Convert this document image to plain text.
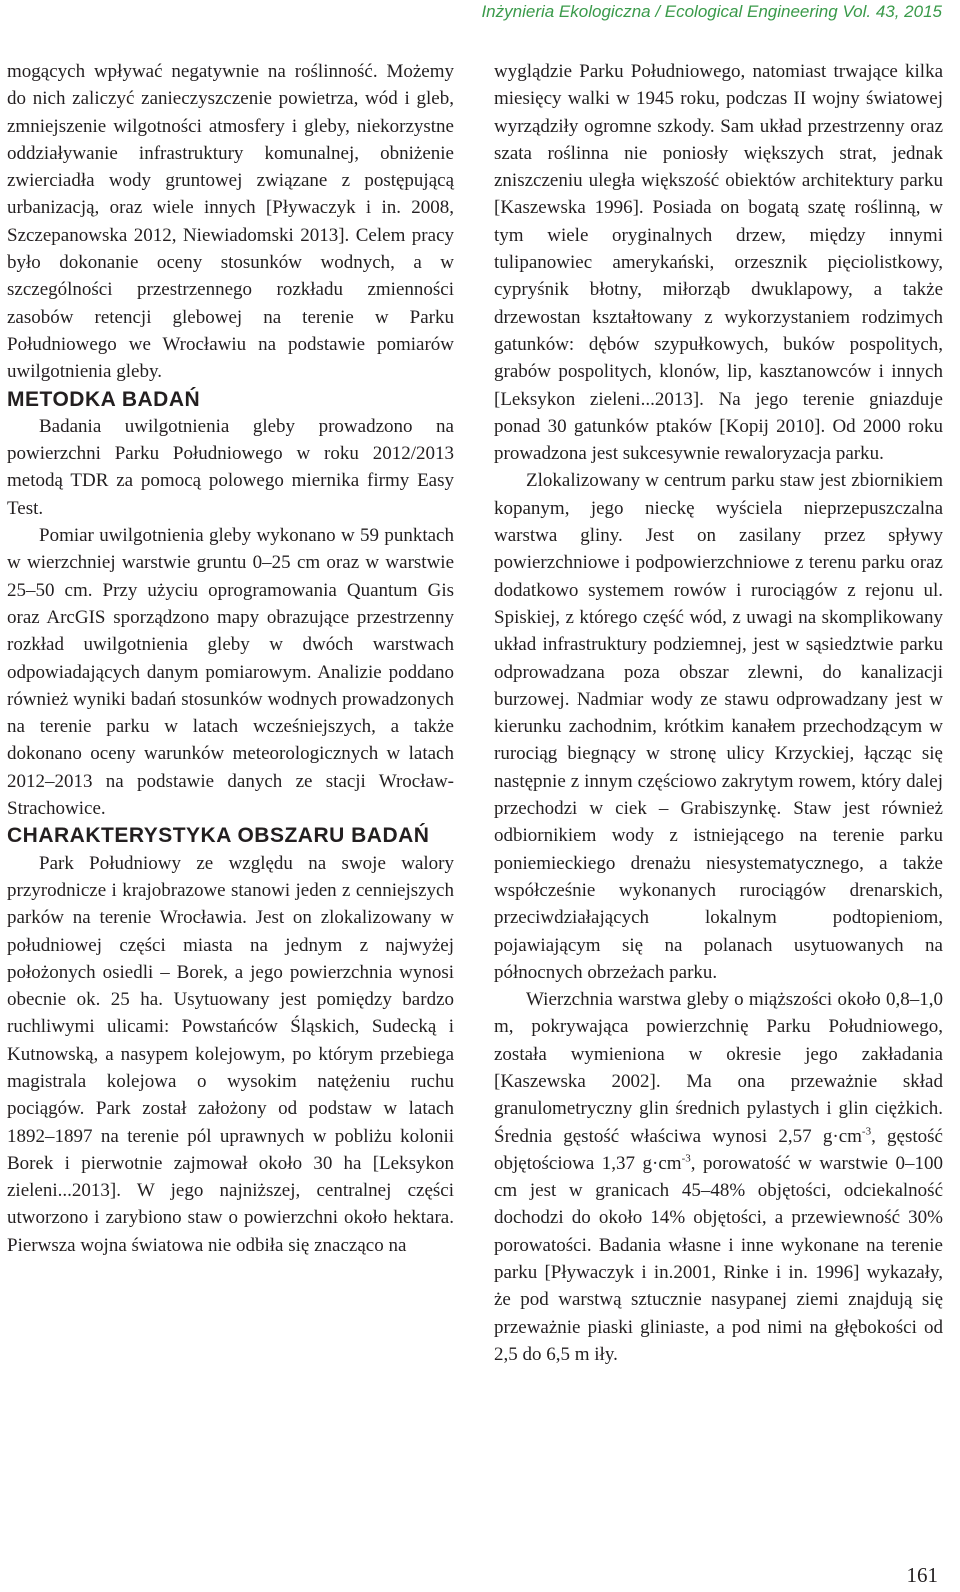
Inżynieria Ekologiczna / Ecological Engineering Vol. 43, 2015

mogących wpływać negatywnie na roślinność. Możemy do nich zaliczyć zanieczyszczenie powietrza, wód i gleb, zmniejszenie wilgotności atmosfery i gleby, niekorzystne oddziaływanie infrastruktury komunalnej, obniżenie zwierciadła wody gruntowej związane z postępującą urbanizacją, oraz wiele innych [Pływaczyk i in. 2008, Szczepanowska 2012, Niewiadomski 2013]. Celem pracy było dokonanie oceny stosunków wodnych, a w szczególności przestrzennego rozkładu zmienności zasobów retencji glebowej na terenie w Parku Południowego we Wrocławiu na podstawie pomiarów uwilgotnienia gleby.

METODKA BADAŃ

Badania uwilgotnienia gleby prowadzono na powierzchni Parku Południowego w roku 2012/2013 metodą TDR za pomocą polowego miernika firmy Easy Test.

Pomiar uwilgotnienia gleby wykonano w 59 punktach w wierzchniej warstwie gruntu 0–25 cm oraz w warstwie 25–50 cm. Przy użyciu oprogramowania Quantum Gis oraz ArcGIS sporządzono mapy obrazujące przestrzenny rozkład uwilgotnienia gleby w dwóch warstwach odpowiadających danym pomiarowym. Analizie poddano również wyniki badań stosunków wodnych prowadzonych na terenie parku w latach wcześniejszych, a także dokonano oceny warunków meteorologicznych w latach 2012–2013 na podstawie danych ze stacji Wrocław-Strachowice.

CHARAKTERYSTYKA OBSZARU BADAŃ

Park Południowy ze względu na swoje walory przyrodnicze i krajobrazowe stanowi jeden z cenniejszych parków na terenie Wrocławia. Jest on zlokalizowany w południowej części miasta na jednym z najwyżej położonych osiedli – Borek, a jego powierzchnia wynosi obecnie ok. 25 ha. Usytuowany jest pomiędzy bardzo ruchliwymi ulicami: Powstańców Śląskich, Sudecką i Kutnowską, a nasypem kolejowym, po którym przebiega magistrala kolejowa o wysokim natężeniu ruchu pociągów. Park został założony od podstaw w latach 1892–1897 na terenie pól uprawnych w pobliżu kolonii Borek i pierwotnie zajmował około 30 ha [Leksykon zieleni...2013]. W jego najniższej, centralnej części utworzono i zarybiono staw o powierzchni około hektara. Pierwsza wojna światowa nie odbiła się znacząco na

wyglądzie Parku Południowego, natomiast trwające kilka miesięcy walki w 1945 roku, podczas II wojny światowej wyrządziły ogromne szkody. Sam układ przestrzenny oraz szata roślinna nie poniosły większych strat, jednak zniszczeniu uległa większość obiektów architektury parku [Kaszewska 1996]. Posiada on bogatą szatę roślinną, w tym wiele oryginalnych drzew, między innymi tulipanowiec amerykański, orzesznik pięciolistkowy, cypryśnik błotny, miłorząb dwuklapowy, a także drzewostan kształtowany z wykorzystaniem rodzimych gatunków: dębów szypułkowych, buków pospolitych, grabów pospolitych, klonów, lip, kasztanowców i innych [Leksykon zieleni...2013]. Na jego terenie gniazduje ponad 30 gatunków ptaków [Kopij 2010]. Od 2000 roku prowadzona jest sukcesywnie rewaloryzacja parku.

Zlokalizowany w centrum parku staw jest zbiornikiem kopanym, jego nieckę wyściela nieprzepuszczalna warstwa gliny. Jest on zasilany przez spływy powierzchniowe i podpowierzchniowe z terenu parku oraz dodatkowo systemem rowów i rurociągów z rejonu ul. Spiskiej, z którego część wód, z uwagi na skomplikowany układ infrastruktury podziemnej, jest w sąsiedztwie parku odprowadzana poza obszar zlewni, do kanalizacji burzowej. Nadmiar wody ze stawu odprowadzany jest w kierunku zachodnim, krótkim kanałem przechodzącym w rurociąg biegnący w stronę ulicy Krzyckiej, łącząc się następnie z innym częściowo zakrytym rowem, który dalej przechodzi w ciek – Grabiszynkę. Staw jest również odbiornikiem wody z istniejącego na terenie parku poniemieckiego drenażu niesystematycznego, a także współcześnie wykonanych rurociągów drenarskich, przeciwdziałających lokalnym podtopieniom, pojawiającym się na polanach usytuowanych na północnych obrzeżach parku.

Wierzchnia warstwa gleby o miąższości około 0,8–1,0 m, pokrywająca powierzchnię Parku Południowego, została wymieniona w okresie jego zakładania [Kaszewska 2002]. Ma ona przeważnie skład granulometryczny glin średnich pylastych i glin ciężkich. Średnia gęstość właściwa wynosi 2,57 $g\cdot cm^{-3}$, gęstość objętościowa 1,37 $g\cdot cm^{-3}$, porowatość w warstwie 0–100 cm jest w granicach 45–48% objętości, odciekalność dochodzi do około 14% objętości, a przewiewność 30% porowatości. Badania własne i inne wykonane na terenie parku [Pływaczyk i in.2001, Rinke i in. 1996] wykazały, że pod warstwą sztucznie nasypanej ziemi znajdują się przeważnie piaski gliniaste, a pod nimi na głębokości od 2,5 do 6,5 m iły.

161
